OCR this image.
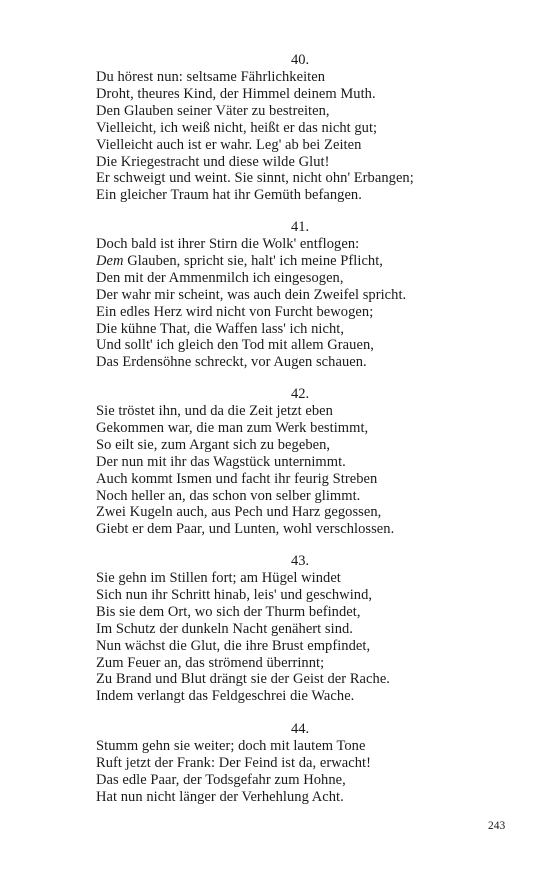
40.
Du hörest nun: seltsame Fährlichkeiten
Droht, theures Kind, der Himmel deinem Muth.
Den Glauben seiner Väter zu bestreiten,
Vielleicht, ich weiß nicht, heißt er das nicht gut;
Vielleicht auch ist er wahr. Leg' ab bei Zeiten
Die Kriegestracht und diese wilde Glut!
Er schweigt und weint. Sie sinnt, nicht ohn' Erbangen;
Ein gleicher Traum hat ihr Gemüth befangen.
41.
Doch bald ist ihrer Stirn die Wolk' entflogen:
Dem Glauben, spricht sie, halt' ich meine Pflicht,
Den mit der Ammenmilch ich eingesogen,
Der wahr mir scheint, was auch dein Zweifel spricht.
Ein edles Herz wird nicht von Furcht bewogen;
Die kühne That, die Waffen lass' ich nicht,
Und sollt' ich gleich den Tod mit allem Grauen,
Das Erdensöhne schreckt, vor Augen schauen.
42.
Sie tröstet ihn, und da die Zeit jetzt eben
Gekommen war, die man zum Werk bestimmt,
So eilt sie, zum Argant sich zu begeben,
Der nun mit ihr das Wagstück unternimmt.
Auch kommt Ismen und facht ihr feurig Streben
Noch heller an, das schon von selber glimmt.
Zwei Kugeln auch, aus Pech und Harz gegossen,
Giebt er dem Paar, und Lunten, wohl verschlossen.
43.
Sie gehn im Stillen fort; am Hügel windet
Sich nun ihr Schritt hinab, leis' und geschwind,
Bis sie dem Ort, wo sich der Thurm befindet,
Im Schutz der dunkeln Nacht genähert sind.
Nun wächst die Glut, die ihre Brust empfindet,
Zum Feuer an, das strömend überrinnt;
Zu Brand und Blut drängt sie der Geist der Rache.
Indem verlangt das Feldgeschrei die Wache.
44.
Stumm gehn sie weiter; doch mit lautem Tone
Ruft jetzt der Frank: Der Feind ist da, erwacht!
Das edle Paar, der Todsgefahr zum Hohne,
Hat nun nicht länger der Verhehlung Acht.
243
